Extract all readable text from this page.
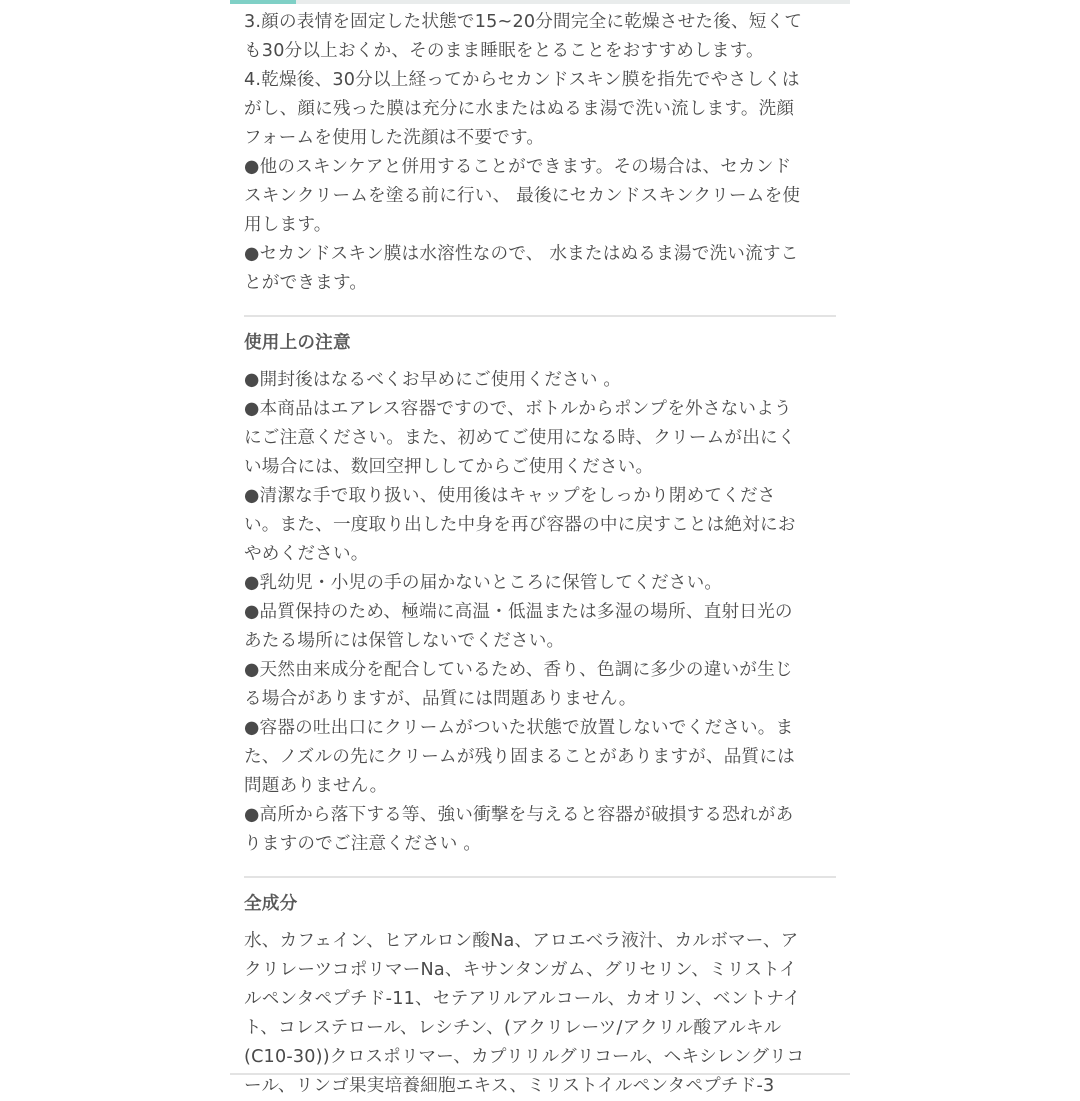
3.顔の表情を固定した状態で15~20分間完全に乾燥させた後、短くて

も30分以上おくか、そのまま睡眠をとることをおすすめします。

4.乾燥後、30分以上経ってからセカンドスキン膜を指先でやさしくは

がし、顔に残った膜は充分に水またはぬるま湯で洗い流します。洗顔

フォームを使用した洗顔は不要です。

●他のスキンケアと併用することができます。その場合は、セカンド

スキンクリームを塗る前に行い、 最後にセカンドスキンクリームを使

用します。

●セカンドスキン膜は水溶性なので、 水またはぬるま湯で洗い流すこ

とができます。

使用上の注意

●開封後はなるべくお早めにご使用ください 。

●本商品はエアレス容器ですので、ボトルからポンプを外さないよう

にご注意ください。また、初めてご使用になる時、クリームが出にく

い場合には、数回空押ししてからご使用ください。

●清潔な手で取り扱い、使用後はキャップをしっかり閉めてくださ

い。また、一度取り出した中身を再び容器の中に戻すことは絶対にお

やめください。

●乳幼児・小児の手の届かないところに保管してください。

●品質保持のため、極端に高温・低温または多湿の場所、直射日光の

あたる場所には保管しないでください。

●天然由来成分を配合しているため、香り、色調に多少の違いが生じ

る場合がありますが、品質には問題ありません。

●容器の吐出口にクリームがついた状態で放置しないでください。ま

た、ノズルの先にクリームが残り固まることがありますが、品質には

問題ありません。

●高所から落下する等、強い衝撃を与えると容器が破損する恐れがあ

りますのでご注意ください 。

全成分

水、カフェイン、ヒアルロン酸Na、アロエベラ液汁、カルボマー、ア

クリレーツコポリマーNa、キサンタンガム、グリセリン、ミリストイ

ルペンタペプチド-11、セテアリルアルコール、カオリン、ベントナイ

ト、コレステロール、レシチン、(アクリレーツ/アクリル酸アルキル

(C10-30))クロスポリマー、カプリリルグリコール、ヘキシレングリコ

ール、リンゴ果実培養細胞エキス、ミリストイルペンタペプチド-3
